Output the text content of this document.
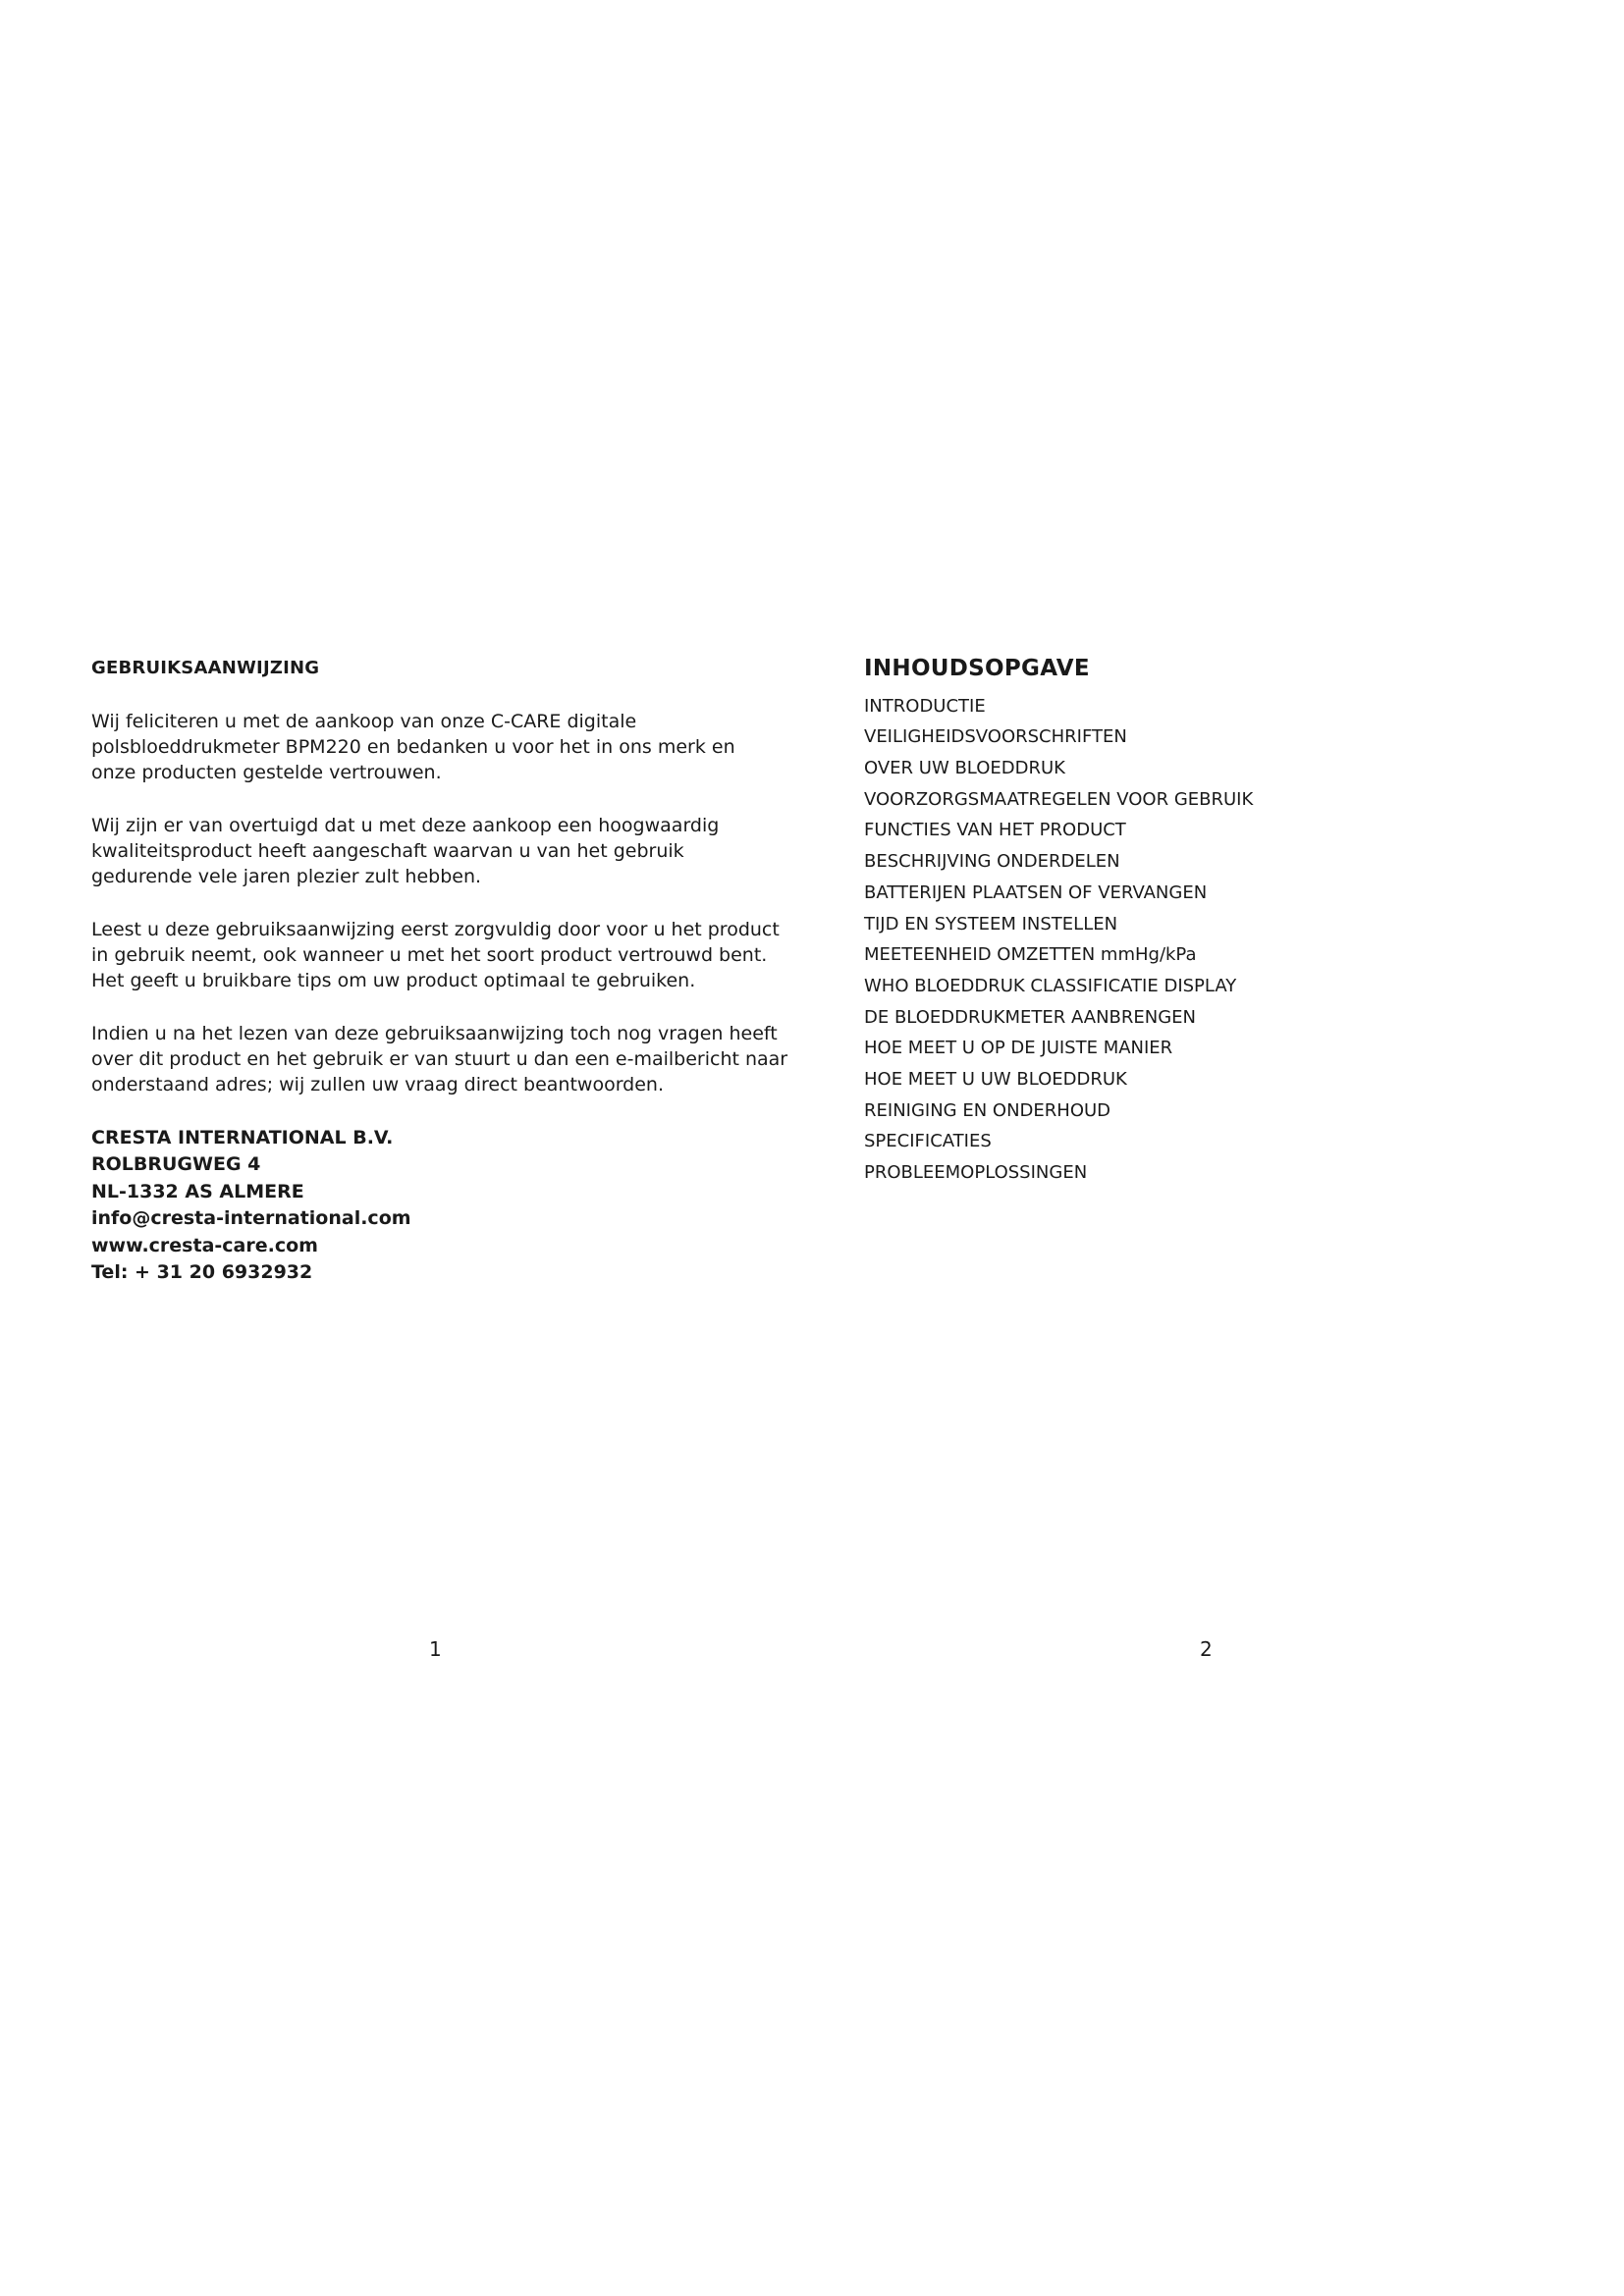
GEBRUIKSAANWIJZING

Wij feliciteren u met de aankoop van onze C-CARE digitale
polsbloeddrukmeter BPM220 en bedanken u voor het in ons merk en
onze producten gestelde vertrouwen.

Wij zijn er van overtuigd dat u met deze aankoop een hoogwaardig
kwaliteitsproduct heeft aangeschaft waarvan u van het gebruik
gedurende vele jaren plezier zult hebben.

Leest u deze gebruiksaanwijzing eerst zorgvuldig door voor u het product
in gebruik neemt, ook wanneer u met het soort product vertrouwd bent.
Het geeft u bruikbare tips om uw product optimaal te gebruiken.

Indien u na het lezen van deze gebruiksaanwijzing toch nog vragen heeft
over dit product en het gebruik er van stuurt u dan een e-mailbericht naar
onderstaand adres; wij zullen uw vraag direct beantwoorden.

CRESTA INTERNATIONAL B.V.
ROLBRUGWEG 4
NL-1332 AS ALMERE
info@cresta-international.com
www.cresta-care.com
Tel: + 31 20 6932932
INHOUDSOPGAVE
INTRODUCTIE
VEILIGHEIDSVOORSCHRIFTEN
OVER UW BLOEDDRUK
VOORZORGSMAATREGELEN VOOR GEBRUIK
FUNCTIES VAN HET PRODUCT
BESCHRIJVING ONDERDELEN
BATTERIJEN PLAATSEN OF VERVANGEN
TIJD EN SYSTEEM INSTELLEN
MEETEENHEID OMZETTEN mmHg/kPa
WHO BLOEDDRUK CLASSIFICATIE DISPLAY
DE BLOEDDRUKMETER AANBRENGEN
HOE MEET U OP DE JUISTE MANIER
HOE MEET U UW BLOEDDRUK
REINIGING EN ONDERHOUD
SPECIFICATIES
PROBLEEMOPLOSSINGEN
1	2
